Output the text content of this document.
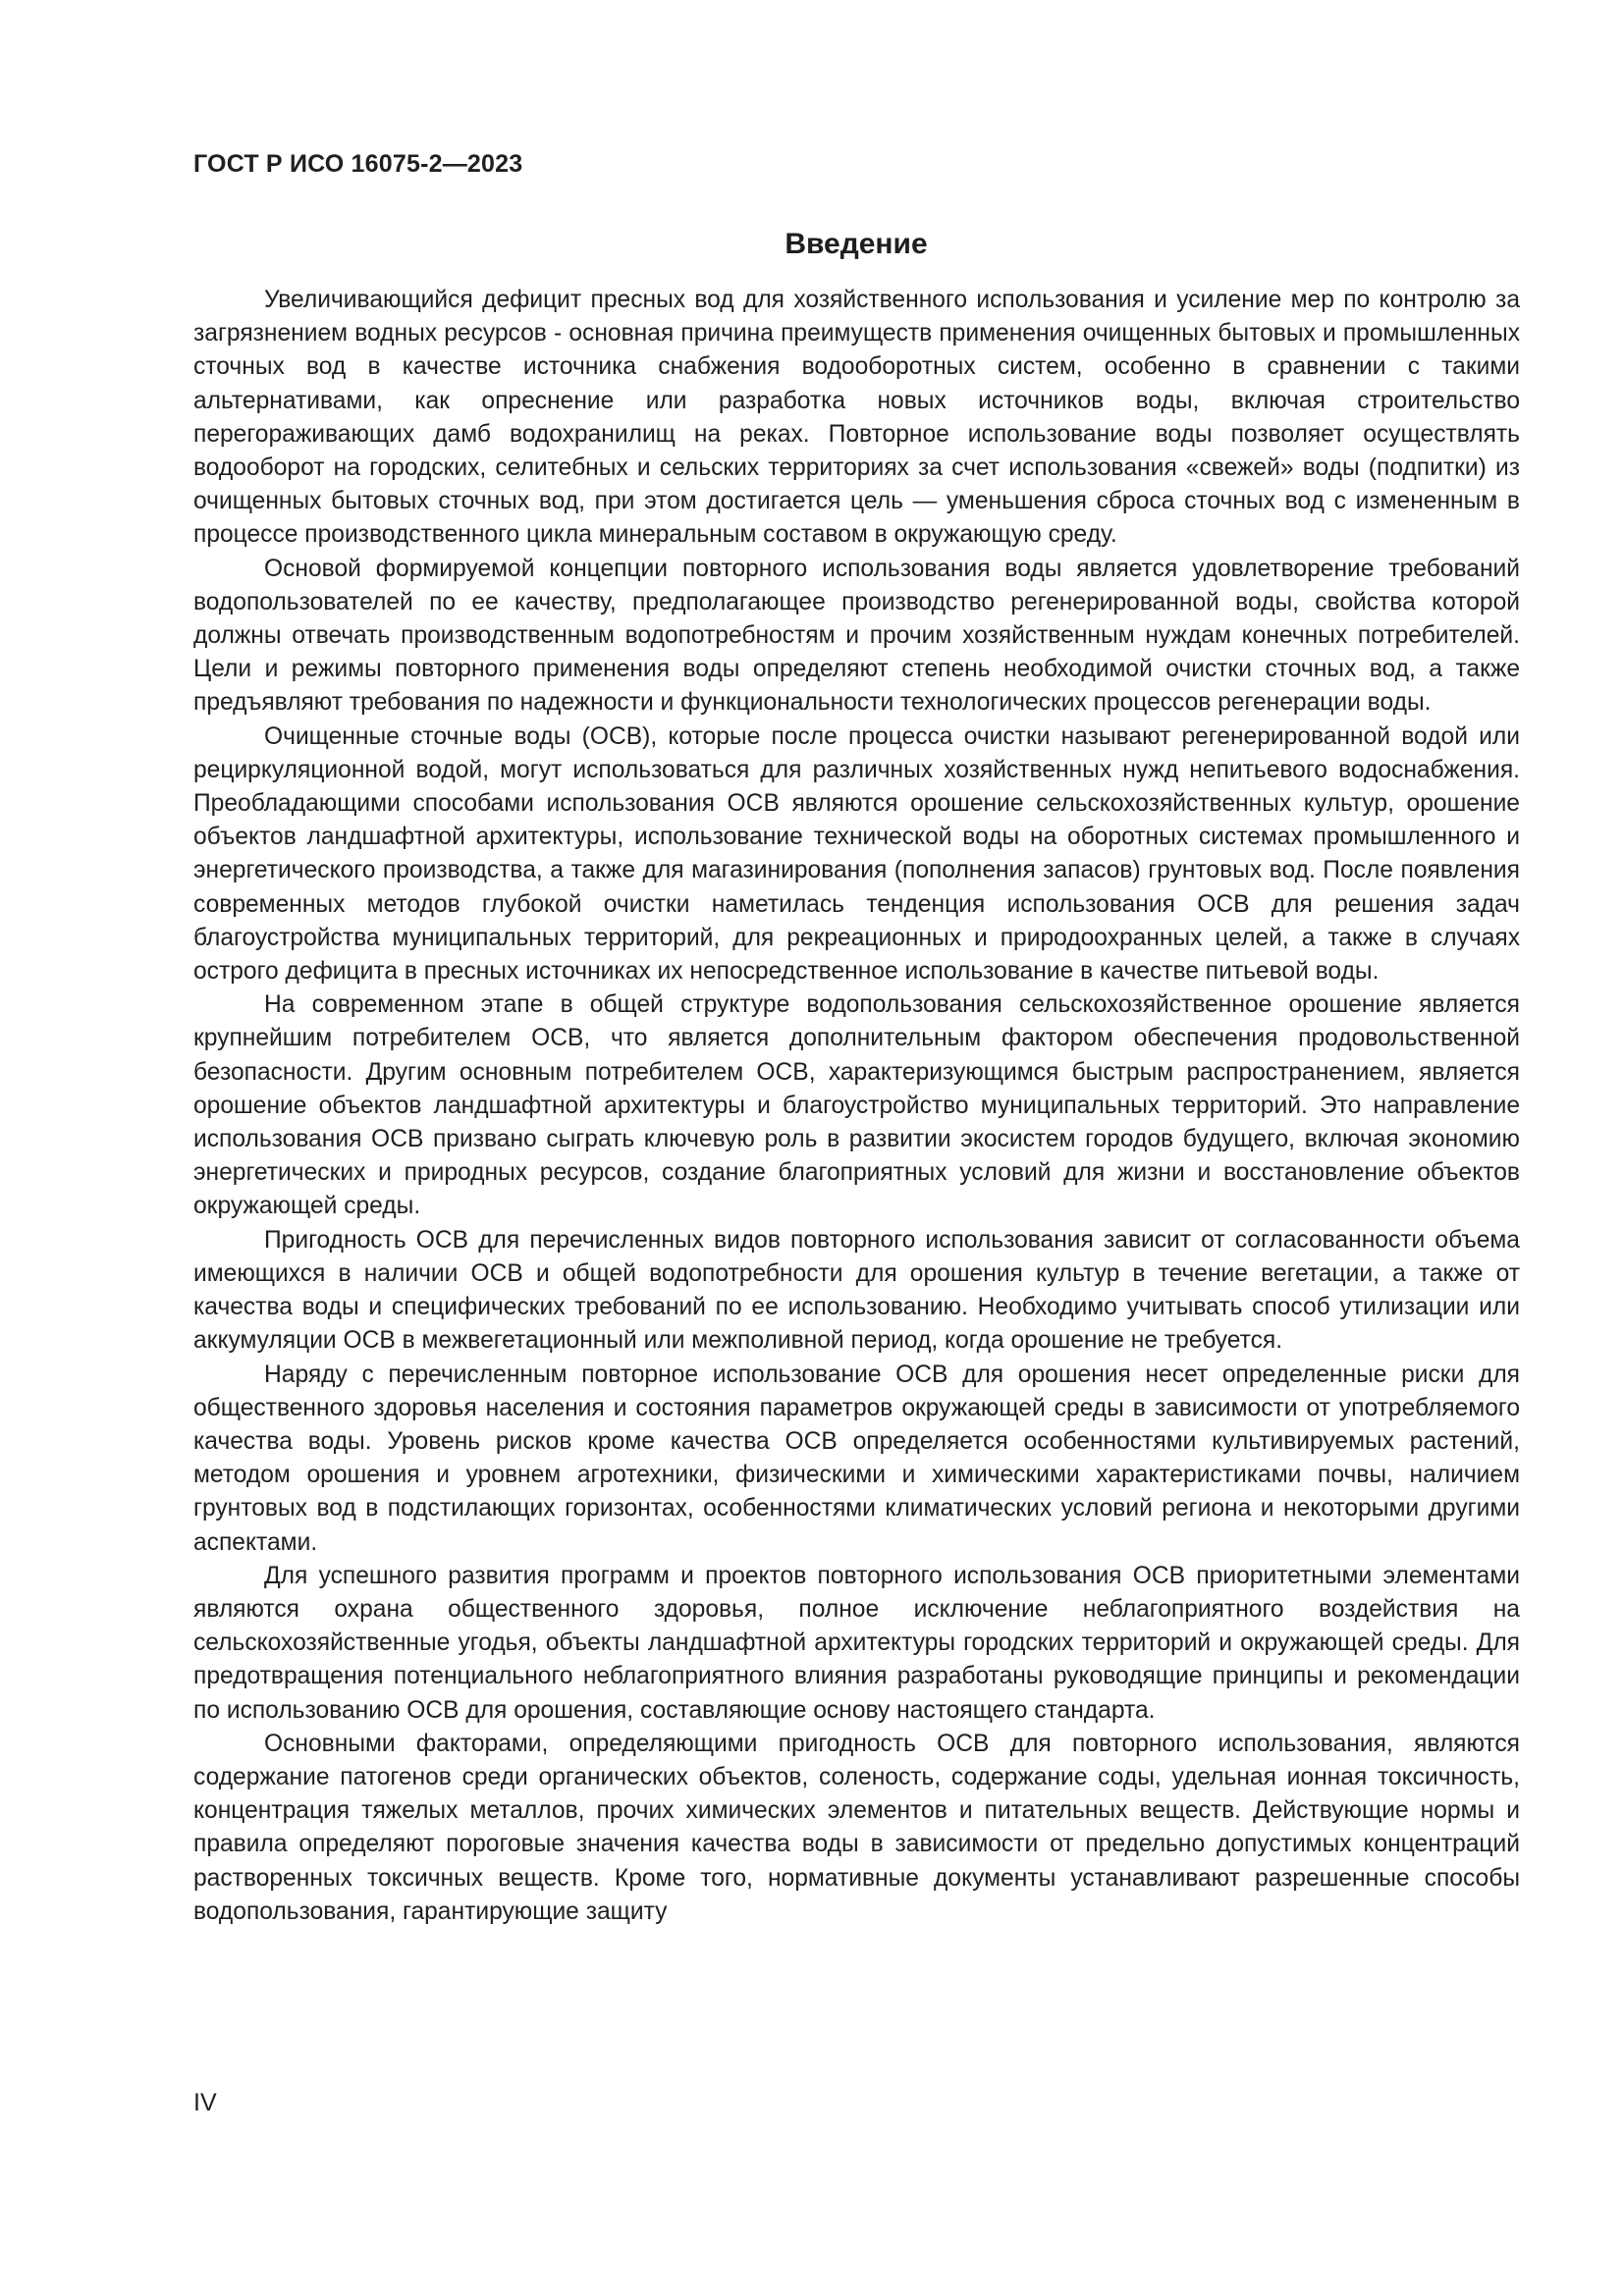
ГОСТ Р ИСО 16075-2—2023
Введение

Увеличивающийся дефицит пресных вод для хозяйственного использования и усиление мер по контролю за загрязнением водных ресурсов - основная причина преимуществ применения очищенных бытовых и промышленных сточных вод в качестве источника снабжения водооборотных систем, особенно в сравнении с такими альтернативами, как опреснение или разработка новых источников воды, включая строительство перегораживающих дамб водохранилищ на реках. Повторное использование воды позволяет осуществлять водооборот на городских, селитебных и сельских территориях за счет использования «свежей» воды (подпитки) из очищенных бытовых сточных вод, при этом достигается цель — уменьшения сброса сточных вод с измененным в процессе производственного цикла минеральным составом в окружающую среду.

Основой формируемой концепции повторного использования воды является удовлетворение требований водопользователей по ее качеству, предполагающее производство регенерированной воды, свойства которой должны отвечать производственным водопотребностям и прочим хозяйственным нуждам конечных потребителей. Цели и режимы повторного применения воды определяют степень необходимой очистки сточных вод, а также предъявляют требования по надежности и функциональности технологических процессов регенерации воды.

Очищенные сточные воды (ОСВ), которые после процесса очистки называют регенерированной водой или рециркуляционной водой, могут использоваться для различных хозяйственных нужд непитьевого водоснабжения. Преобладающими способами использования ОСВ являются орошение сельскохозяйственных культур, орошение объектов ландшафтной архитектуры, использование технической воды на оборотных системах промышленного и энергетического производства, а также для магазинирования (пополнения запасов) грунтовых вод. После появления современных методов глубокой очистки наметилась тенденция использования ОСВ для решения задач благоустройства муниципальных территорий, для рекреационных и природоохранных целей, а также в случаях острого дефицита в пресных источниках их непосредственное использование в качестве питьевой воды.

На современном этапе в общей структуре водопользования сельскохозяйственное орошение является крупнейшим потребителем ОСВ, что является дополнительным фактором обеспечения продовольственной безопасности. Другим основным потребителем ОСВ, характеризующимся быстрым распространением, является орошение объектов ландшафтной архитектуры и благоустройство муниципальных территорий. Это направление использования ОСВ призвано сыграть ключевую роль в развитии экосистем городов будущего, включая экономию энергетических и природных ресурсов, создание благоприятных условий для жизни и восстановление объектов окружающей среды.

Пригодность ОСВ для перечисленных видов повторного использования зависит от согласованности объема имеющихся в наличии ОСВ и общей водопотребности для орошения культур в течение вегетации, а также от качества воды и специфических требований по ее использованию. Необходимо учитывать способ утилизации или аккумуляции ОСВ в межвегетационный или межполивной период, когда орошение не требуется.

Наряду с перечисленным повторное использование ОСВ для орошения несет определенные риски для общественного здоровья населения и состояния параметров окружающей среды в зависимости от употребляемого качества воды. Уровень рисков кроме качества ОСВ определяется особенностями культивируемых растений, методом орошения и уровнем агротехники, физическими и химическими характеристиками почвы, наличием грунтовых вод в подстилающих горизонтах, особенностями климатических условий региона и некоторыми другими аспектами.

Для успешного развития программ и проектов повторного использования ОСВ приоритетными элементами являются охрана общественного здоровья, полное исключение неблагоприятного воздействия на сельскохозяйственные угодья, объекты ландшафтной архитектуры городских территорий и окружающей среды. Для предотвращения потенциального неблагоприятного влияния разработаны руководящие принципы и рекомендации по использованию ОСВ для орошения, составляющие основу настоящего стандарта.

Основными факторами, определяющими пригодность ОСВ для повторного использования, являются содержание патогенов среди органических объектов, соленость, содержание соды, удельная ионная токсичность, концентрация тяжелых металлов, прочих химических элементов и питательных веществ. Действующие нормы и правила определяют пороговые значения качества воды в зависимости от предельно допустимых концентраций растворенных токсичных веществ. Кроме того, нормативные документы устанавливают разрешенные способы водопользования, гарантирующие защиту

IV
